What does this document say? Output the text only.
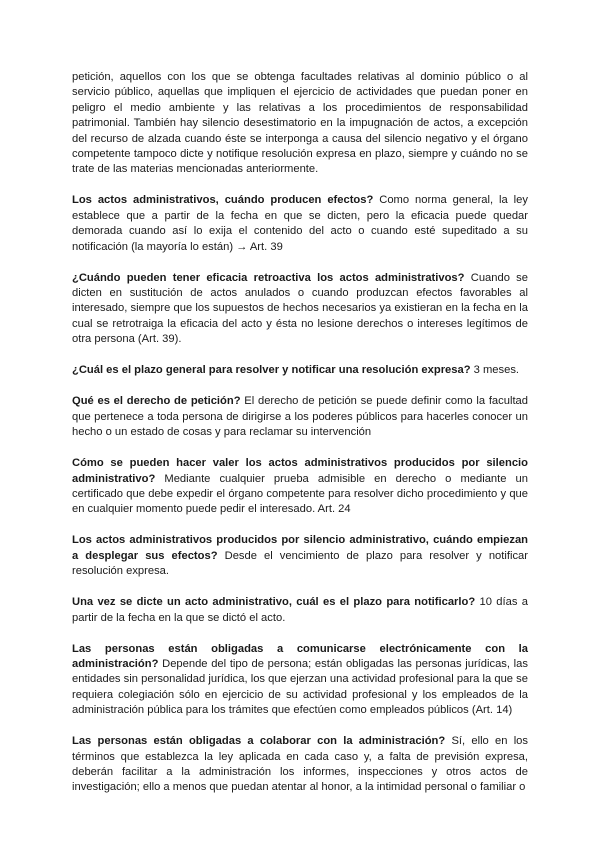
petición, aquellos con los que se obtenga facultades relativas al dominio público o al servicio público, aquellas que impliquen el ejercicio de actividades que puedan poner en peligro el medio ambiente y las relativas a los procedimientos de responsabilidad patrimonial. También hay silencio desestimatorio en la impugnación de actos, a excepción del recurso de alzada cuando éste se interponga a causa del silencio negativo y el órgano competente tampoco dicte y notifique resolución expresa en plazo, siempre y cuándo no se trate de las materias mencionadas anteriormente.

Los actos administrativos, cuándo producen efectos? Como norma general, la ley establece que a partir de la fecha en que se dicten, pero la eficacia puede quedar demorada cuando así lo exija el contenido del acto o cuando esté supeditado a su notificación (la mayoría lo están) → Art. 39

¿Cuándo pueden tener eficacia retroactiva los actos administrativos? Cuando se dicten en sustitución de actos anulados o cuando produzcan efectos favorables al interesado, siempre que los supuestos de hechos necesarios ya existieran en la fecha en la cual se retrotraiga la eficacia del acto y ésta no lesione derechos o intereses legítimos de otra persona (Art. 39).

¿Cuál es el plazo general para resolver y notificar una resolución expresa? 3 meses.

Qué es el derecho de petición? El derecho de petición se puede definir como la facultad que pertenece a toda persona de dirigirse a los poderes públicos para hacerles conocer un hecho o un estado de cosas y para reclamar su intervención

Cómo se pueden hacer valer los actos administrativos producidos por silencio administrativo? Mediante cualquier prueba admisible en derecho o mediante un certificado que debe expedir el órgano competente para resolver dicho procedimiento y que en cualquier momento puede pedir el interesado. Art. 24

Los actos administrativos producidos por silencio administrativo, cuándo empiezan a desplegar sus efectos? Desde el vencimiento de plazo para resolver y notificar resolución expresa.

Una vez se dicte un acto administrativo, cuál es el plazo para notificarlo? 10 días a partir de la fecha en la que se dictó el acto.

Las personas están obligadas a comunicarse electrónicamente con la administración? Depende del tipo de persona; están obligadas las personas jurídicas, las entidades sin personalidad jurídica, los que ejerzan una actividad profesional para la que se requiera colegiación sólo en ejercicio de su actividad profesional y los empleados de la administración pública para los trámites que efectúen como empleados públicos (Art. 14)

Las personas están obligadas a colaborar con la administración? Sí, ello en los términos que establezca la ley aplicada en cada caso y, a falta de previsión expresa, deberán facilitar a la administración los informes, inspecciones y otros actos de investigación; ello a menos que puedan atentar al honor, a la intimidad personal o familiar o
